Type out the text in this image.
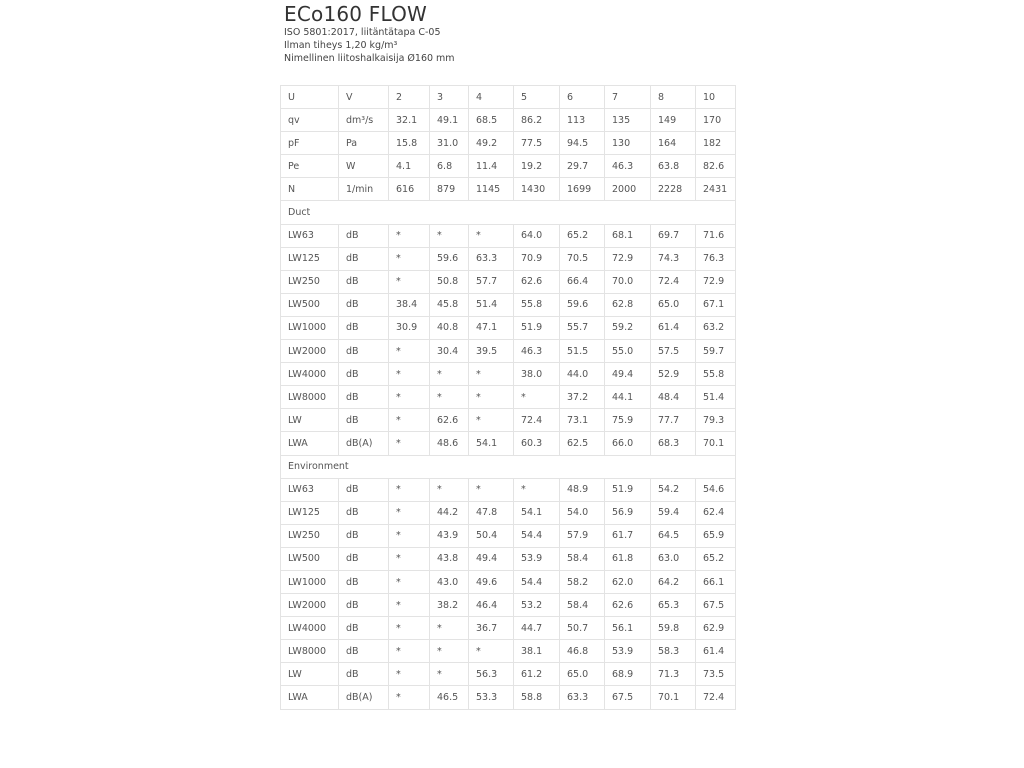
ECo160 FLOW
ISO 5801:2017, liitäntätapa C-05
Ilman tiheys 1,20 kg/m³
Nimellinen liitoshalkaisija Ø160 mm
U	V	2	3	4	5	6	7	8	10
qv	dm³/s	32.1	49.1	68.5	86.2	113	135	149	170
pF	Pa	15.8	31.0	49.2	77.5	94.5	130	164	182
Pe	W	4.1	6.8	11.4	19.2	29.7	46.3	63.8	82.6
N	1/min	616	879	1145	1430	1699	2000	2228	2431
Duct									
LW63	dB	*	*	*	64.0	65.2	68.1	69.7	71.6
LW125	dB	*	59.6	63.3	70.9	70.5	72.9	74.3	76.3
LW250	dB	*	50.8	57.7	62.6	66.4	70.0	72.4	72.9
LW500	dB	38.4	45.8	51.4	55.8	59.6	62.8	65.0	67.1
LW1000	dB	30.9	40.8	47.1	51.9	55.7	59.2	61.4	63.2
LW2000	dB	*	30.4	39.5	46.3	51.5	55.0	57.5	59.7
LW4000	dB	*	*	*	38.0	44.0	49.4	52.9	55.8
LW8000	dB	*	*	*	*	37.2	44.1	48.4	51.4
LW	dB	*	62.6	*	72.4	73.1	75.9	77.7	79.3
LWA	dB(A)	*	48.6	54.1	60.3	62.5	66.0	68.3	70.1
Environment									
LW63	dB	*	*	*	*	48.9	51.9	54.2	54.6
LW125	dB	*	44.2	47.8	54.1	54.0	56.9	59.4	62.4
LW250	dB	*	43.9	50.4	54.4	57.9	61.7	64.5	65.9
LW500	dB	*	43.8	49.4	53.9	58.4	61.8	63.0	65.2
LW1000	dB	*	43.0	49.6	54.4	58.2	62.0	64.2	66.1
LW2000	dB	*	38.2	46.4	53.2	58.4	62.6	65.3	67.5
LW4000	dB	*	*	36.7	44.7	50.7	56.1	59.8	62.9
LW8000	dB	*	*	*	38.1	46.8	53.9	58.3	61.4
LW	dB	*	*	56.3	61.2	65.0	68.9	71.3	73.5
LWA	dB(A)	*	46.5	53.3	58.8	63.3	67.5	70.1	72.4
